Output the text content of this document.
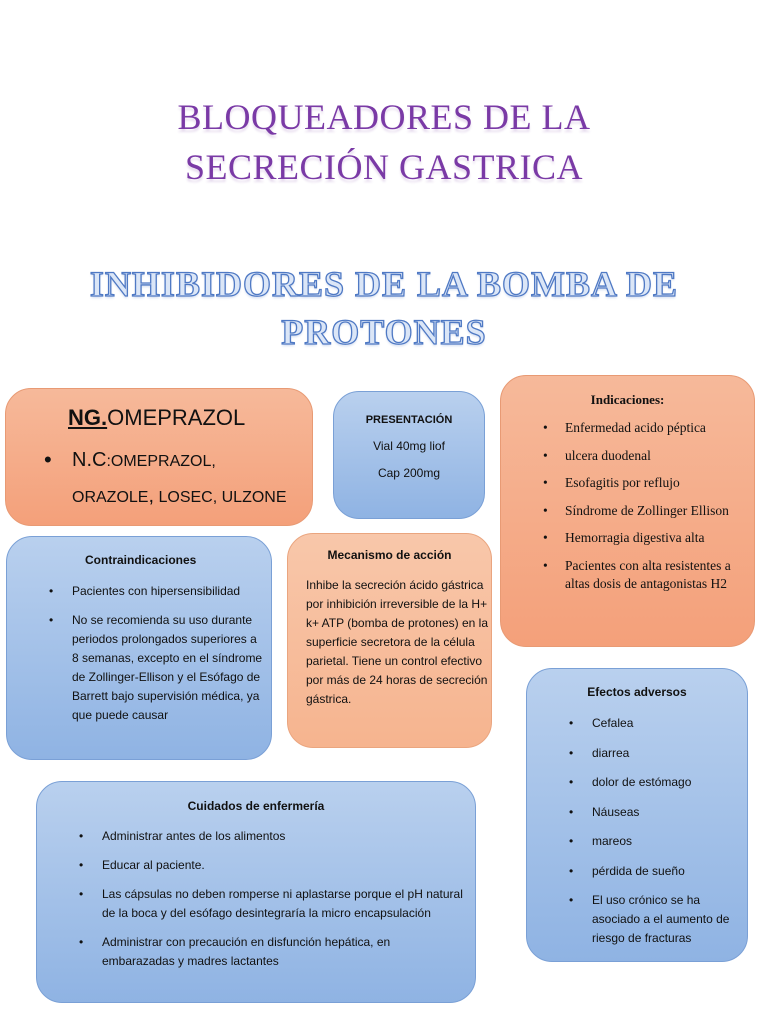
BLOQUEADORES DE LA
SECRECIÓN GASTRICA
INHIBIDORES DE LA BOMBA DE
PROTONES
NG.OMEPRAZOL
• N.C:OMEPRAZOL,
ORAZOLE, LOSEC, ULZONE
PRESENTACIÓN
Vial 40mg liof
Cap 200mg
Indicaciones:
• Enfermedad acido péptica
• ulcera duodenal
• Esofagitis por reflujo
• Síndrome de Zollinger Ellison
• Hemorragia digestiva alta
• Pacientes con alta resistentes a altas dosis de antagonistas H2
Contraindicaciones
• Pacientes con hipersensibilidad
• No se recomienda su uso durante periodos prolongados superiores a 8 semanas, excepto en el síndrome de Zollinger-Ellison y el Esófago de Barrett bajo supervisión médica, ya que puede causar
Mecanismo de acción
Inhibe la secreción ácido gástrica por inhibición irreversible de la H+ k+ ATP (bomba de protones) en la superficie secretora de la célula parietal. Tiene un control efectivo por más de 24 horas de secreción gástrica.	Efectos adversos
• Cefalea
• diarrea
• dolor de estómago
• Náuseas
• mareos
• pérdida de sueño
• El uso crónico se ha asociado a el aumento de riesgo de fracturas
Cuidados de enfermería
• Administrar antes de los alimentos
• Educar al paciente.
• Las cápsulas no deben romperse ni aplastarse porque el pH natural de la boca y del esófago desintegraría la micro encapsulación
• Administrar con precaución en disfunción hepática, en embarazadas y madres lactantes
